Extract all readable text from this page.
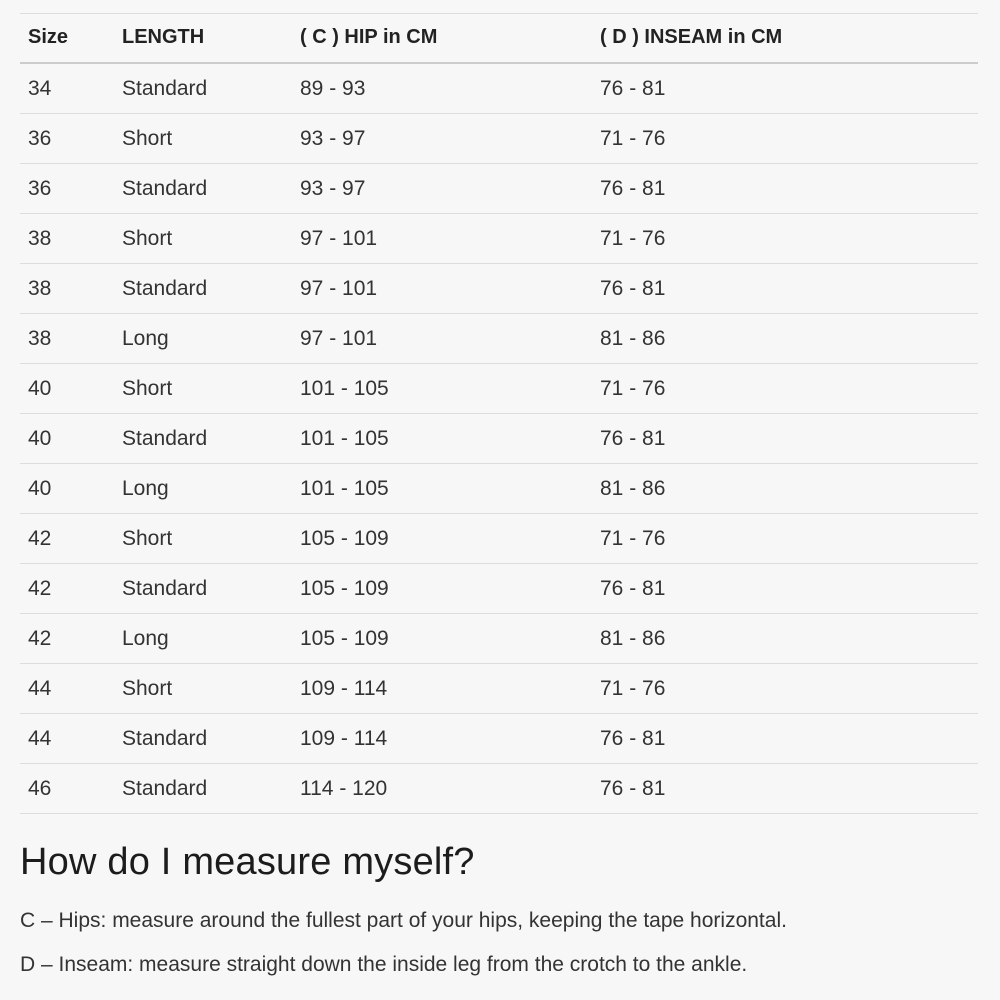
Size	LENGTH	( C ) HIP in CM	( D ) INSEAM in CM
34	Standard	89 - 93	76 - 81
36	Short	93 - 97	71 - 76
36	Standard	93 - 97	76 - 81
38	Short	97 - 101	71 - 76
38	Standard	97 - 101	76 - 81
38	Long	97 - 101	81 - 86
40	Short	101 - 105	71 - 76
40	Standard	101 - 105	76 - 81
40	Long	101 - 105	81 - 86
42	Short	105 - 109	71 - 76
42	Standard	105 - 109	76 - 81
42	Long	105 - 109	81 - 86
44	Short	109 - 114	71 - 76
44	Standard	109 - 114	76 - 81
46	Standard	114 - 120	76 - 81
How do I measure myself?

C – Hips: measure around the fullest part of your hips, keeping the tape horizontal.

D – Inseam: measure straight down the inside leg from the crotch to the ankle.
